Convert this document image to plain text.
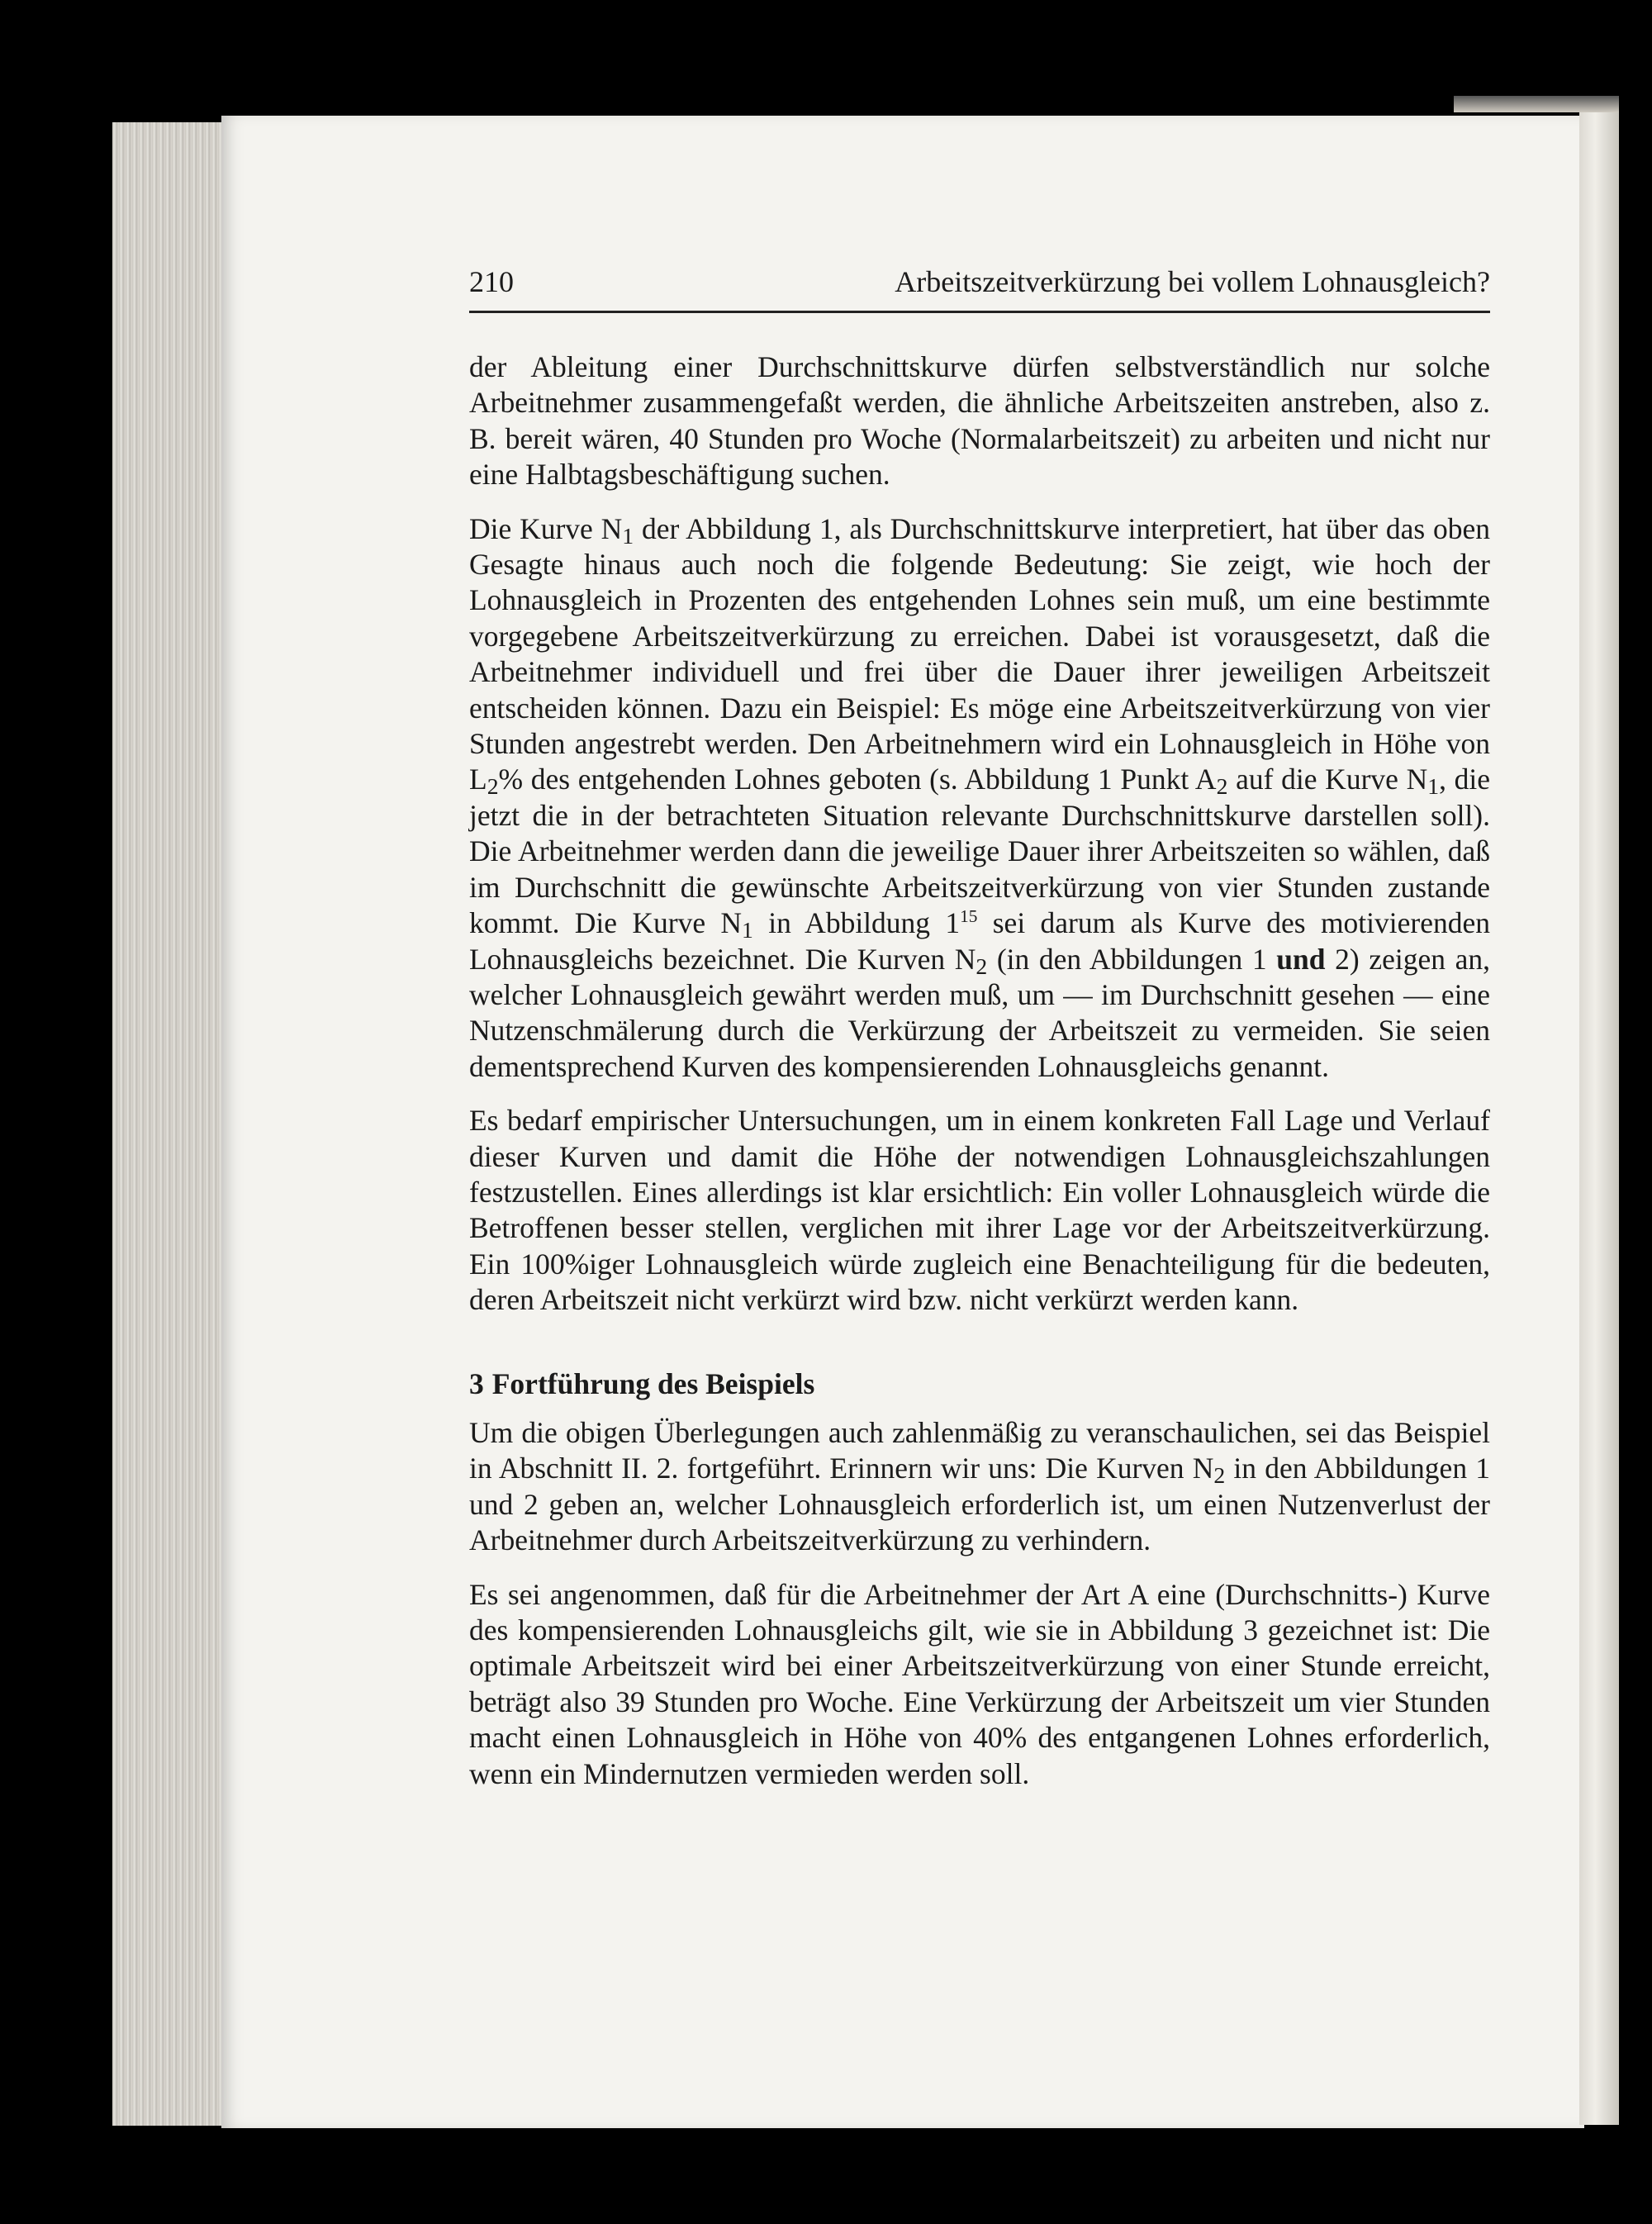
210	Arbeitszeitverkürzung bei vollem Lohnausgleich?

der Ableitung einer Durchschnittskurve dürfen selbstverständlich nur solche Arbeitnehmer zusammengefaßt werden, die ähnliche Arbeitszeiten anstreben, also z. B. bereit wären, 40 Stunden pro Woche (Normalarbeitszeit) zu arbeiten und nicht nur eine Halbtagsbeschäftigung suchen.

Die Kurve $N_1$ der Abbildung 1, als Durchschnittskurve interpretiert, hat über das oben Gesagte hinaus auch noch die folgende Bedeutung: Sie zeigt, wie hoch der Lohnausgleich in Prozenten des entgehenden Lohnes sein muß, um eine bestimmte vorgegebene Arbeitszeitverkürzung zu erreichen. Dabei ist vorausgesetzt, daß die Arbeitnehmer individuell und frei über die Dauer ihrer jeweiligen Arbeitszeit entscheiden können. Dazu ein Beispiel: Es möge eine Arbeitszeitverkürzung von vier Stunden angestrebt werden. Den Arbeitnehmern wird ein Lohnausgleich in Höhe von $L_2\%$ des entgehenden Lohnes geboten (s. Abbildung 1 Punkt $A_2$ auf die Kurve $N_1$, die jetzt die in der betrachteten Situation relevante Durchschnittskurve darstellen soll). Die Arbeitnehmer werden dann die jeweilige Dauer ihrer Arbeitszeiten so wählen, daß im Durchschnitt die gewünschte Arbeitszeitverkürzung von vier Stunden zustande kommt. Die Kurve $N_1$ in Abbildung $1^{15}$ sei darum als Kurve des motivierenden Lohnausgleichs bezeichnet. Die Kurven $N_2$ (in den Abbildungen 1 und 2) zeigen an, welcher Lohnausgleich gewährt werden muß, um — im Durchschnitt gesehen — eine Nutzenschmälerung durch die Verkürzung der Arbeitszeit zu vermeiden. Sie seien dementsprechend Kurven des kompensierenden Lohnausgleichs genannt.

Es bedarf empirischer Untersuchungen, um in einem konkreten Fall Lage und Verlauf dieser Kurven und damit die Höhe der notwendigen Lohnausgleichszahlungen festzustellen. Eines allerdings ist klar ersichtlich: Ein voller Lohnausgleich würde die Betroffenen besser stellen, verglichen mit ihrer Lage vor der Arbeitszeitverkürzung. Ein 100%iger Lohnausgleich würde zugleich eine Benachteiligung für die bedeuten, deren Arbeitszeit nicht verkürzt wird bzw. nicht verkürzt werden kann.

3 Fortführung des Beispiels

Um die obigen Überlegungen auch zahlenmäßig zu veranschaulichen, sei das Beispiel in Abschnitt II. 2. fortgeführt. Erinnern wir uns: Die Kurven $N_2$ in den Abbildungen 1 und 2 geben an, welcher Lohnausgleich erforderlich ist, um einen Nutzenverlust der Arbeitnehmer durch Arbeitszeitverkürzung zu verhindern.

Es sei angenommen, daß für die Arbeitnehmer der Art A eine (Durchschnitts-) Kurve des kompensierenden Lohnausgleichs gilt, wie sie in Abbildung 3 gezeichnet ist: Die optimale Arbeitszeit wird bei einer Arbeitszeitverkürzung von einer Stunde erreicht, beträgt also 39 Stunden pro Woche. Eine Verkürzung der Arbeitszeit um vier Stunden macht einen Lohnausgleich in Höhe von 40% des entgangenen Lohnes erforderlich, wenn ein Mindernutzen vermieden werden soll.
